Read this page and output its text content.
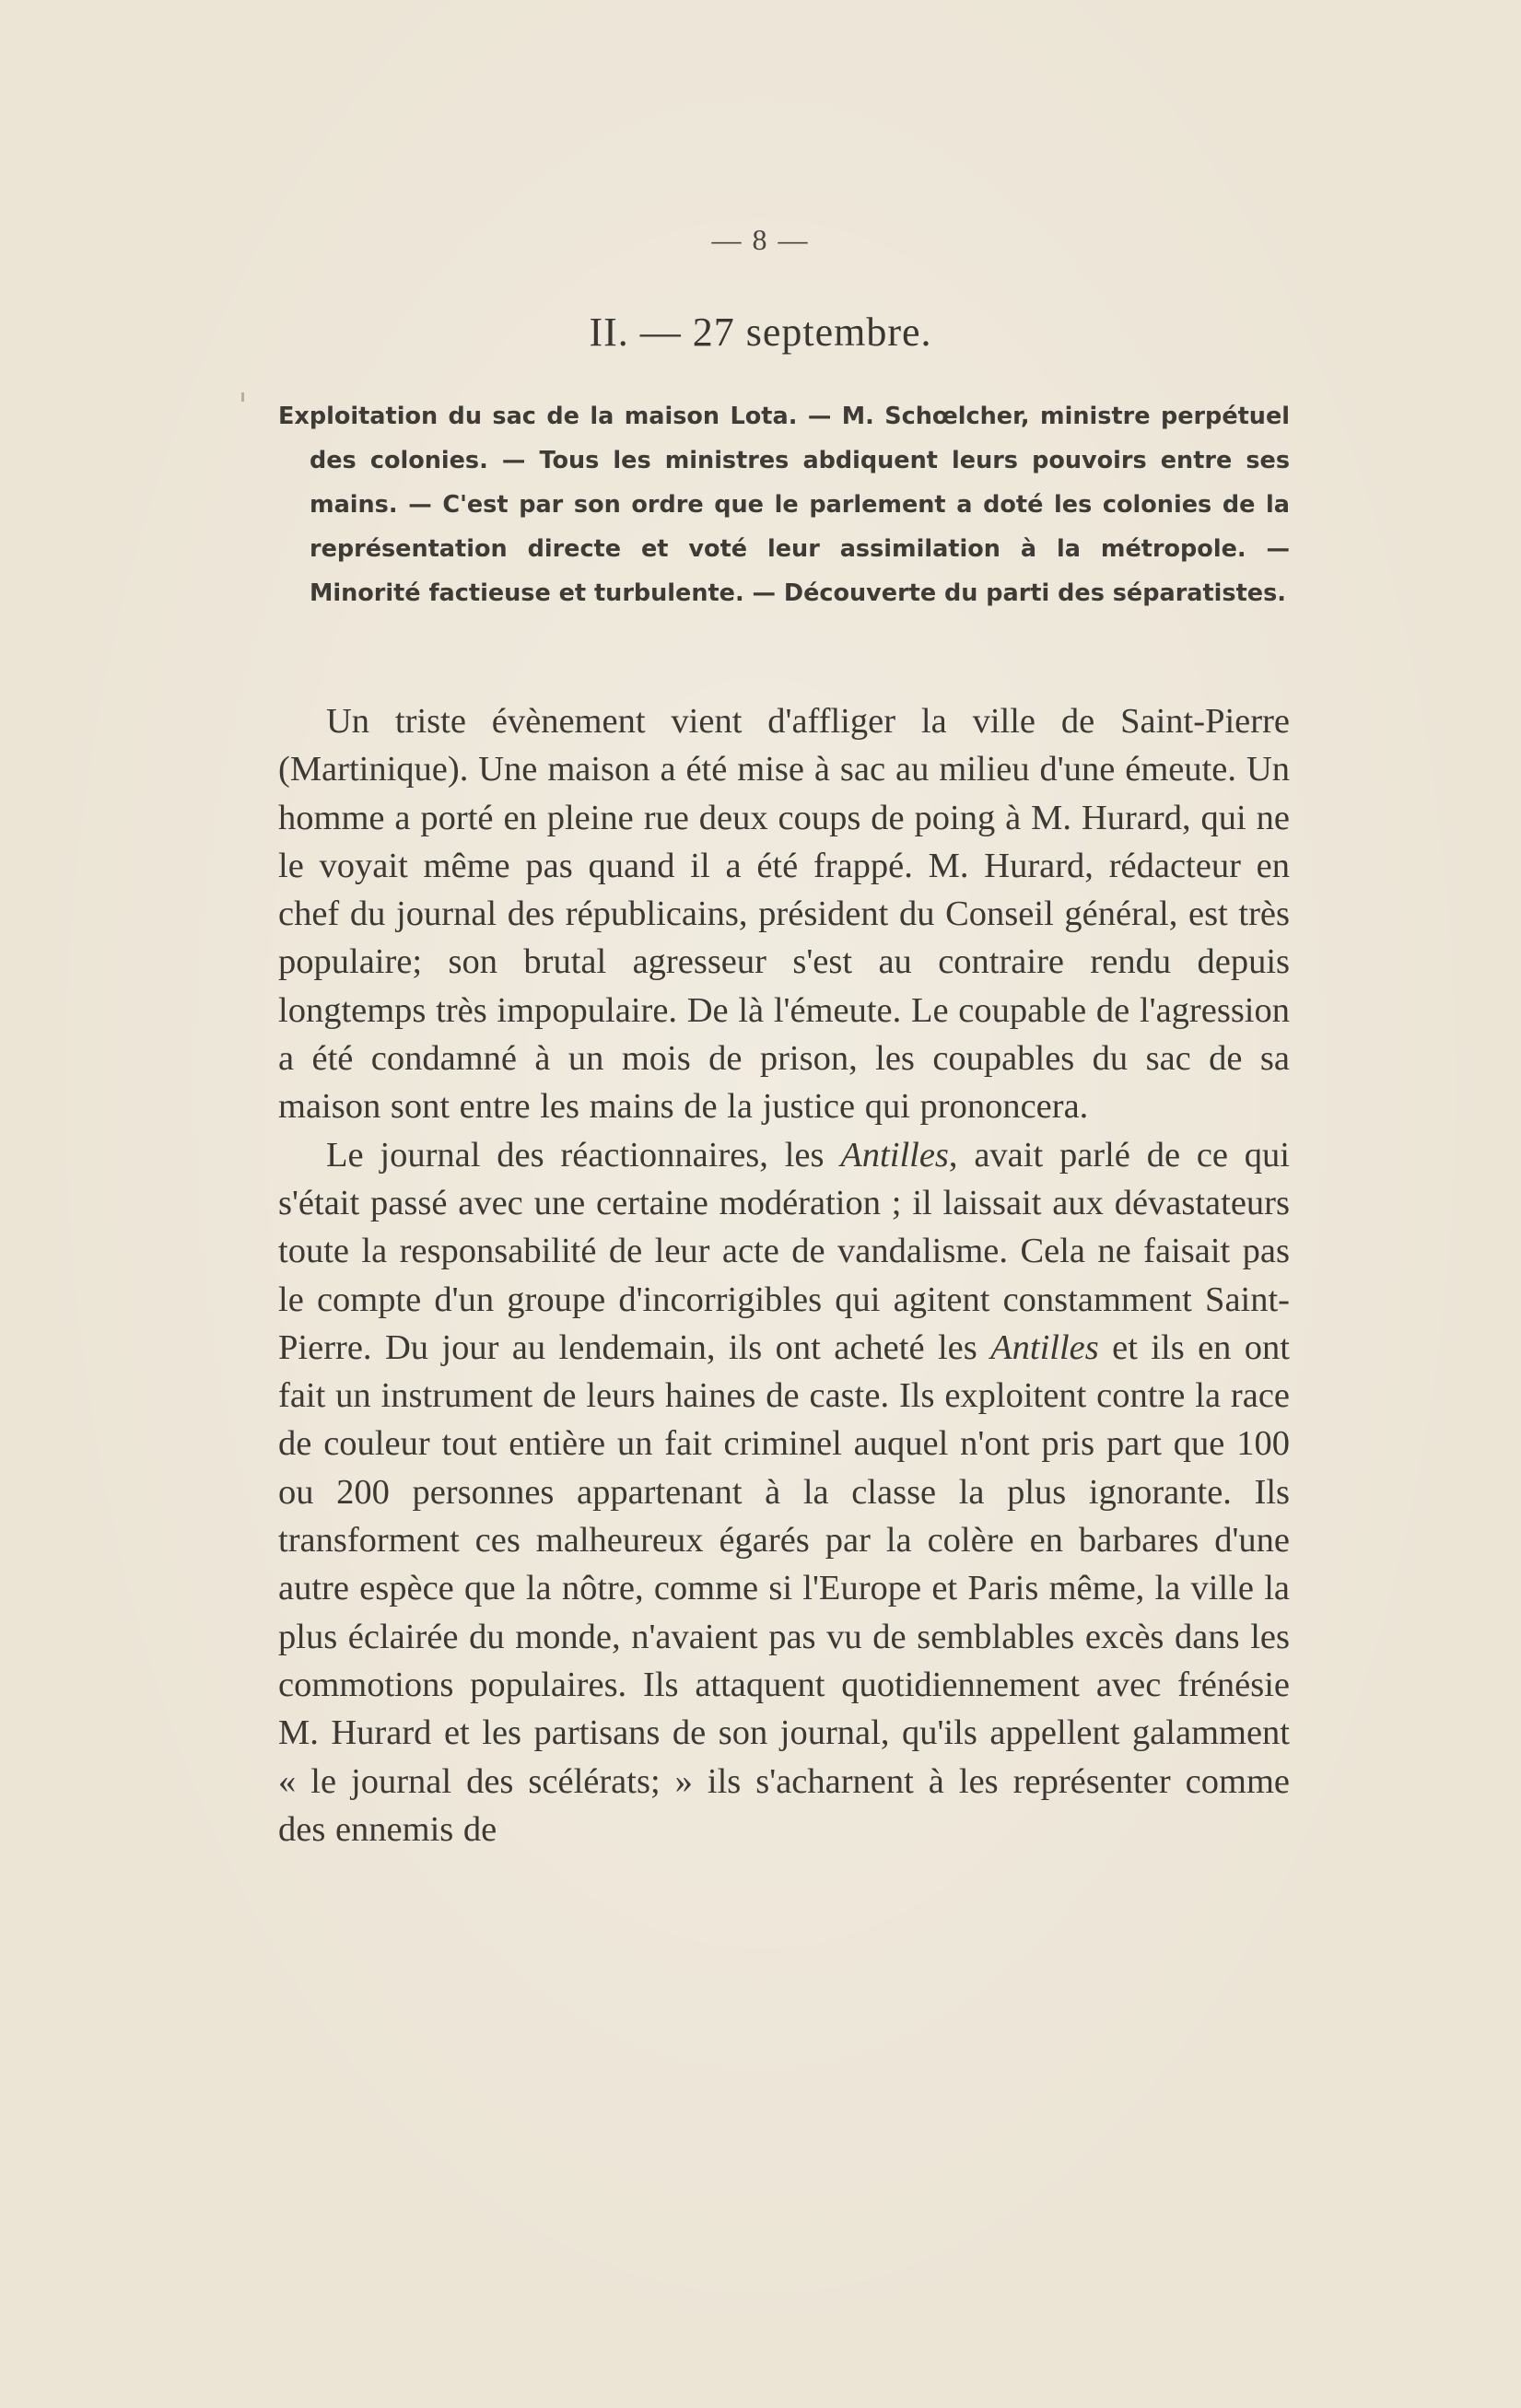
— 8 —
II. — 27 septembre.
Exploitation du sac de la maison Lota. — M. Schœlcher, ministre perpétuel des colonies. — Tous les ministres abdiquent leurs pouvoirs entre ses mains. — C'est par son ordre que le parlement a doté les colonies de la représentation directe et voté leur assimilation à la métropole. — Minorité factieuse et turbulente. — Découverte du parti des séparatistes.

Un triste évènement vient d'affliger la ville de Saint-Pierre (Martinique). Une maison a été mise à sac au milieu d'une émeute. Un homme a porté en pleine rue deux coups de poing à M. Hurard, qui ne le voyait même pas quand il a été frappé. M. Hurard, rédacteur en chef du journal des républicains, président du Conseil général, est très populaire; son brutal agresseur s'est au contraire rendu depuis longtemps très impopulaire. De là l'émeute. Le coupable de l'agression a été condamné à un mois de prison, les coupables du sac de sa maison sont entre les mains de la justice qui prononcera.

Le journal des réactionnaires, les Antilles, avait parlé de ce qui s'était passé avec une certaine modération ; il laissait aux dévastateurs toute la responsabilité de leur acte de vandalisme. Cela ne faisait pas le compte d'un groupe d'incorrigibles qui agitent constamment Saint-Pierre. Du jour au lendemain, ils ont acheté les Antilles et ils en ont fait un instrument de leurs haines de caste. Ils exploitent contre la race de couleur tout entière un fait criminel auquel n'ont pris part que 100 ou 200 personnes appartenant à la classe la plus ignorante. Ils transforment ces malheureux égarés par la colère en barbares d'une autre espèce que la nôtre, comme si l'Europe et Paris même, la ville la plus éclairée du monde, n'avaient pas vu de semblables excès dans les commotions populaires. Ils attaquent quotidiennement avec frénésie M. Hurard et les partisans de son journal, qu'ils appellent galamment « le journal des scélérats; » ils s'acharnent à les représenter comme des ennemis de
